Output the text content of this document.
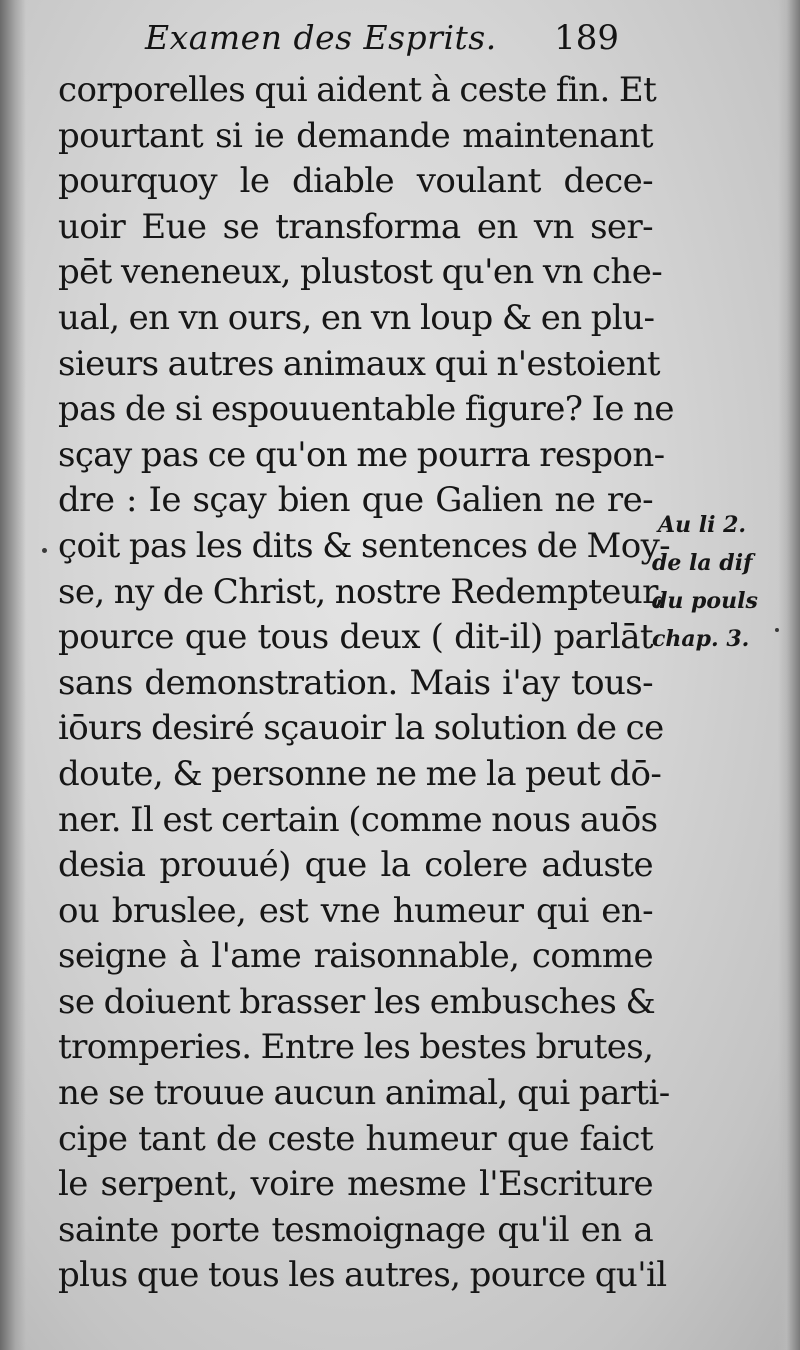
Examen des Esprits. 189
corporelles qui aident à ceste fin. Et
pourtant si ie demande maintenant
pourquoy le diable voulant dece-
uoir Eue se transforma en vn ser-
pēt veneneux, plustost qu'en vn che-
ual, en vn ours, en vn loup & en plu-
sieurs autres animaux qui n'estoient
pas de si espouuentable figure? Ie ne
sçay pas ce qu'on me pourra respon-
dre : Ie sçay bien que Galien ne re-
çoit pas les dits & sentences de Moy-
se, ny de Christ, nostre Redempteur,
pource que tous deux ( dit-il) parlāt
sans demonstration. Mais i'ay tous-
iōurs desiré sçauoir la solution de ce
doute, & personne ne me la peut dō-
ner. Il est certain (comme nous auōs
desia prouué) que la colere aduste
ou bruslee, est vne humeur qui en-
seigne à l'ame raisonnable, comme
se doiuent brasser les embusches &
tromperies. Entre les bestes brutes,
ne se trouue aucun animal, qui parti-
cipe tant de ceste humeur que faict
le serpent, voire mesme l'Escriture
sainte porte tesmoignage qu'il en a
plus que tous les autres, pource qu'il
Au li 2.
de la dif
du pouls
chap. 3.
